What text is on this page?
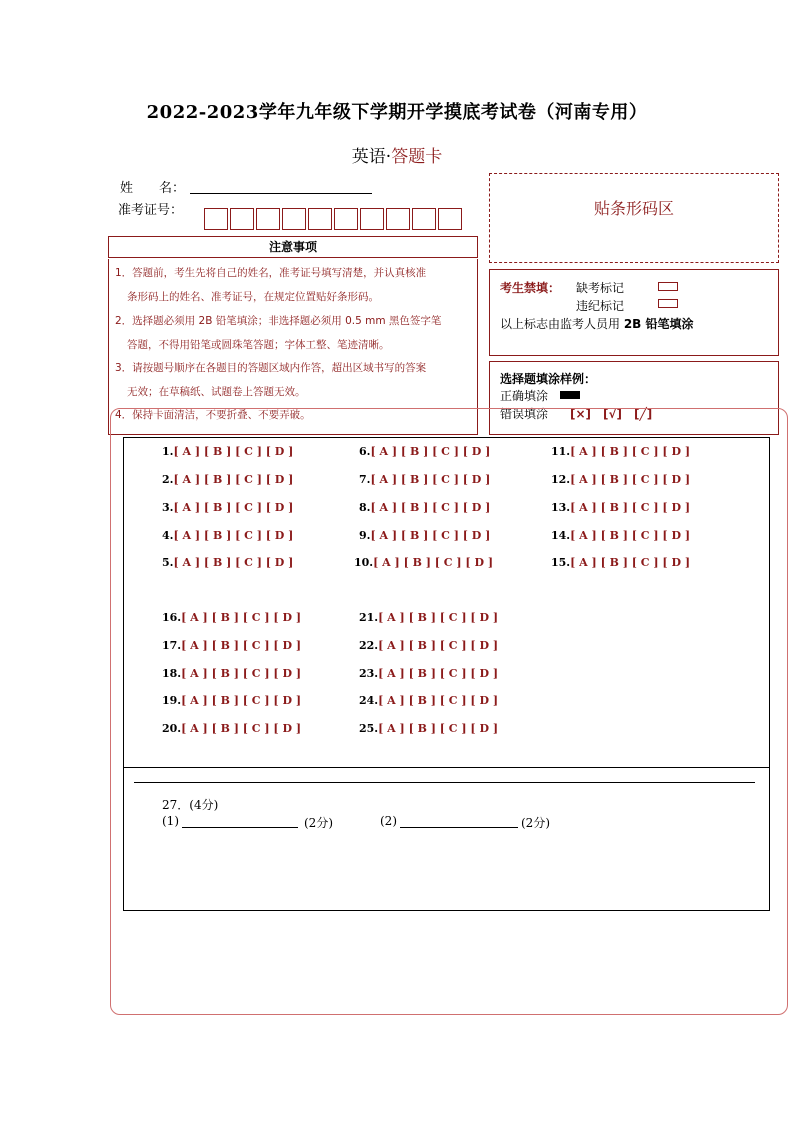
2022-2023学年九年级下学期开学摸底考试卷（河南专用）
英语·答题卡
姓　　名：
准考证号：	贴条形码区
注意事项
1．答题前，考生先将自己的姓名，准考证号填写清楚，并认真核准
条形码上的姓名、准考证号，在规定位置贴好条形码。
2．选择题必须用 2B 铅笔填涂；非选择题必须用 0.5 mm 黑色签字笔
答题，不得用铅笔或圆珠笔答题；字体工整、笔迹清晰。
3．请按题号顺序在各题目的答题区域内作答，超出区域书写的答案
无效；在草稿纸、试题卷上答题无效。
4．保持卡面清洁，不要折叠、不要弄破。
考生禁填： 缺考标记
违纪标记
以上标志由监考人员用 2B 铅笔填涂
选择题填涂样例：
正确填涂
错误填涂 [×]　[√]　[╱]
1.[ A ] [ B ] [ C ] [ D ]
2.[ A ] [ B ] [ C ] [ D ]
3.[ A ] [ B ] [ C ] [ D ]
4.[ A ] [ B ] [ C ] [ D ]
5.[ A ] [ B ] [ C ] [ D ]
6.[ A ] [ B ] [ C ] [ D ]
7.[ A ] [ B ] [ C ] [ D ]
8.[ A ] [ B ] [ C ] [ D ]
9.[ A ] [ B ] [ C ] [ D ]
10.[ A ] [ B ] [ C ] [ D ]
11.[ A ] [ B ] [ C ] [ D ]
12.[ A ] [ B ] [ C ] [ D ]
13.[ A ] [ B ] [ C ] [ D ]
14.[ A ] [ B ] [ C ] [ D ]
15.[ A ] [ B ] [ C ] [ D ]
16.[ A ] [ B ] [ C ] [ D ]
17.[ A ] [ B ] [ C ] [ D ]
18.[ A ] [ B ] [ C ] [ D ]
19.[ A ] [ B ] [ C ] [ D ]
20.[ A ] [ B ] [ C ] [ D ]
21.[ A ] [ B ] [ C ] [ D ]
22.[ A ] [ B ] [ C ] [ D ]
23.[ A ] [ B ] [ C ] [ D ]
24.[ A ] [ B ] [ C ] [ D ]
25.[ A ] [ B ] [ C ] [ D ]
27．(4分)
(1)	(2分)	(2)	(2分)
